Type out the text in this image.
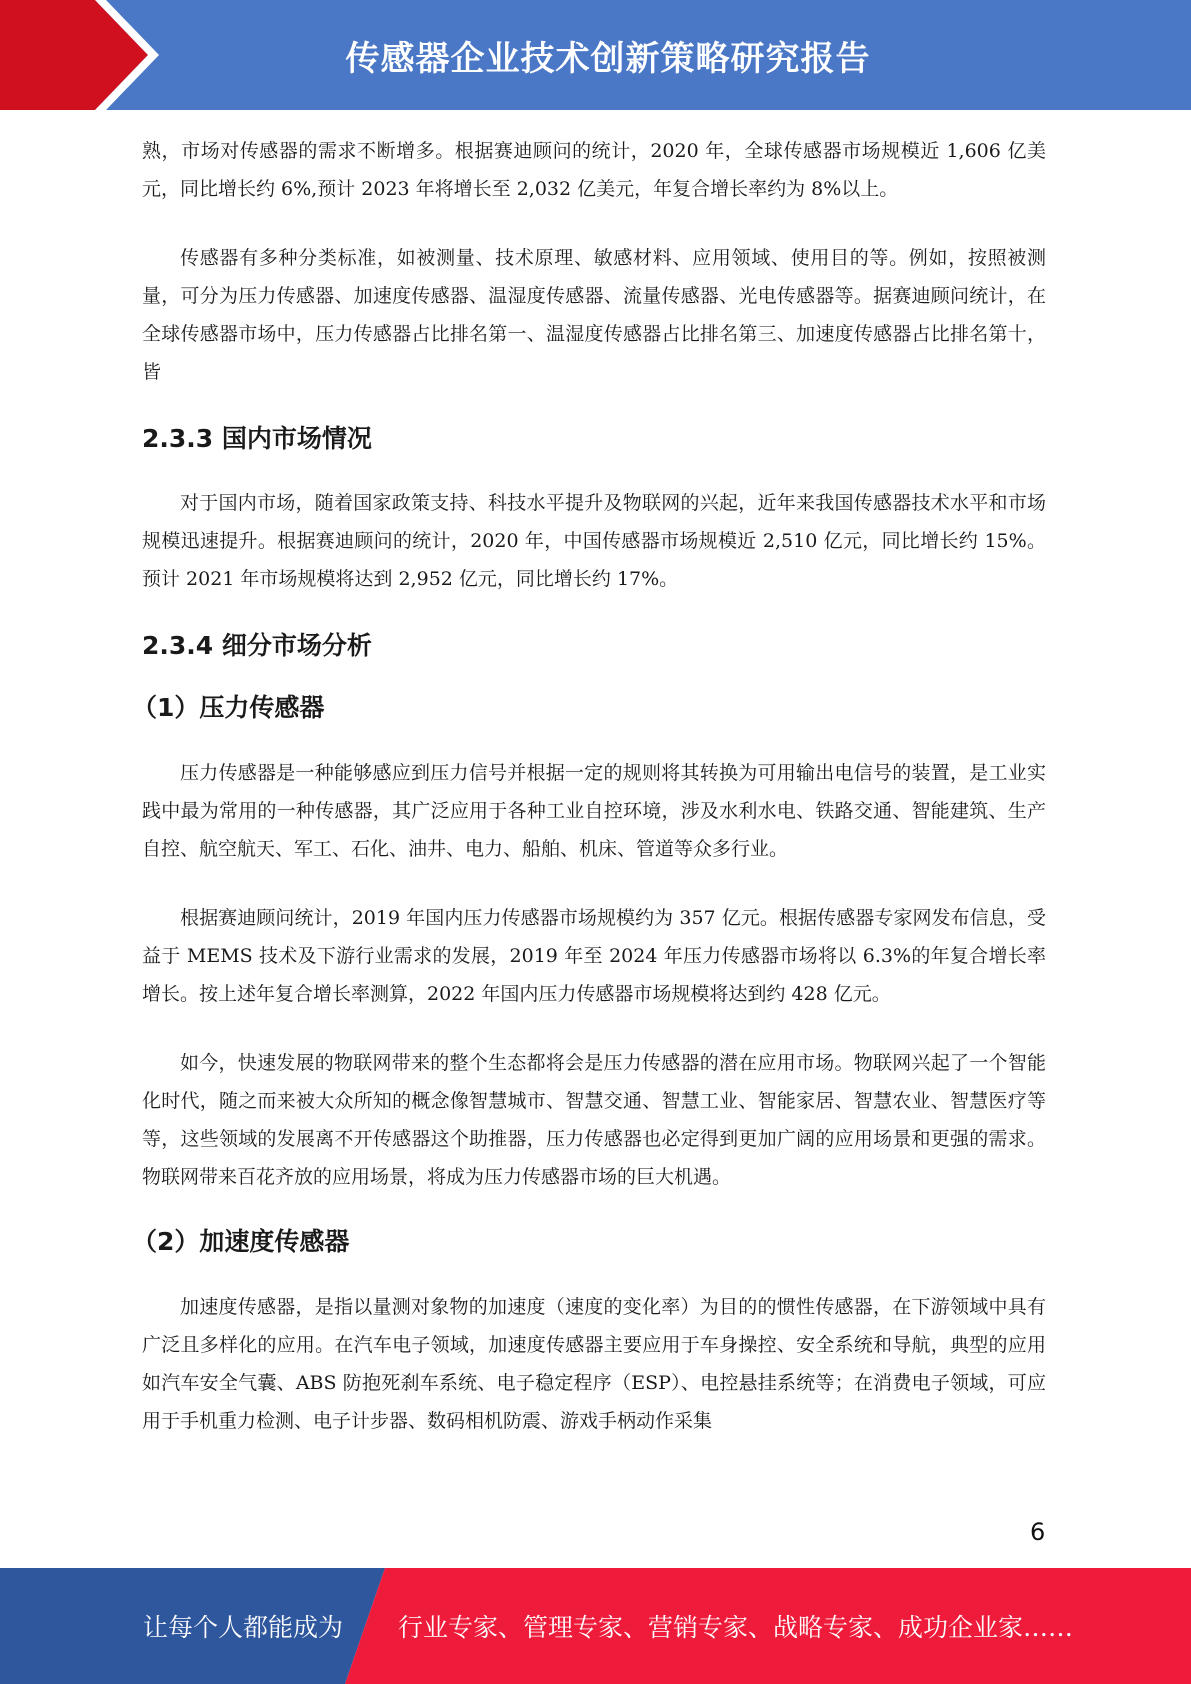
传感器企业技术创新策略研究报告

熟，市场对传感器的需求不断增多。根据赛迪顾问的统计，2020 年，全球传感器市场规模近 1,606 亿美元，同比增长约 6%,预计 2023 年将增长至 2,032 亿美元，年复合增长率约为 8%以上。

传感器有多种分类标准，如被测量、技术原理、敏感材料、应用领域、使用目的等。例如，按照被测量，可分为压力传感器、加速度传感器、温湿度传感器、流量传感器、光电传感器等。据赛迪顾问统计，在全球传感器市场中，压力传感器占比排名第一、温湿度传感器占比排名第三、加速度传感器占比排名第十，皆

2.3.3 国内市场情况

对于国内市场，随着国家政策支持、科技水平提升及物联网的兴起，近年来我国传感器技术水平和市场规模迅速提升。根据赛迪顾问的统计，2020 年，中国传感器市场规模近 2,510 亿元，同比增长约 15%。预计 2021 年市场规模将达到 2,952 亿元，同比增长约 17%。

2.3.4 细分市场分析
（1）压力传感器

压力传感器是一种能够感应到压力信号并根据一定的规则将其转换为可用输出电信号的装置，是工业实践中最为常用的一种传感器，其广泛应用于各种工业自控环境，涉及水利水电、铁路交通、智能建筑、生产自控、航空航天、军工、石化、油井、电力、船舶、机床、管道等众多行业。

根据赛迪顾问统计，2019 年国内压力传感器市场规模约为 357 亿元。根据传感器专家网发布信息，受益于 MEMS 技术及下游行业需求的发展，2019 年至 2024 年压力传感器市场将以 6.3%的年复合增长率增长。按上述年复合增长率测算，2022 年国内压力传感器市场规模将达到约 428 亿元。

如今，快速发展的物联网带来的整个生态都将会是压力传感器的潜在应用市场。物联网兴起了一个智能化时代，随之而来被大众所知的概念像智慧城市、智慧交通、智慧工业、智能家居、智慧农业、智慧医疗等等，这些领域的发展离不开传感器这个助推器，压力传感器也必定得到更加广阔的应用场景和更强的需求。物联网带来百花齐放的应用场景，将成为压力传感器市场的巨大机遇。

（2）加速度传感器

加速度传感器，是指以量测对象物的加速度（速度的变化率）为目的的惯性传感器，在下游领域中具有广泛且多样化的应用。在汽车电子领域，加速度传感器主要应用于车身操控、安全系统和导航，典型的应用如汽车安全气囊、ABS 防抱死刹车系统、电子稳定程序（ESP）、电控悬挂系统等；在消费电子领域，可应用于手机重力检测、电子计步器、数码相机防震、游戏手柄动作采集

6
让每个人都能成为 行业专家、管理专家、营销专家、战略专家、成功企业家……
